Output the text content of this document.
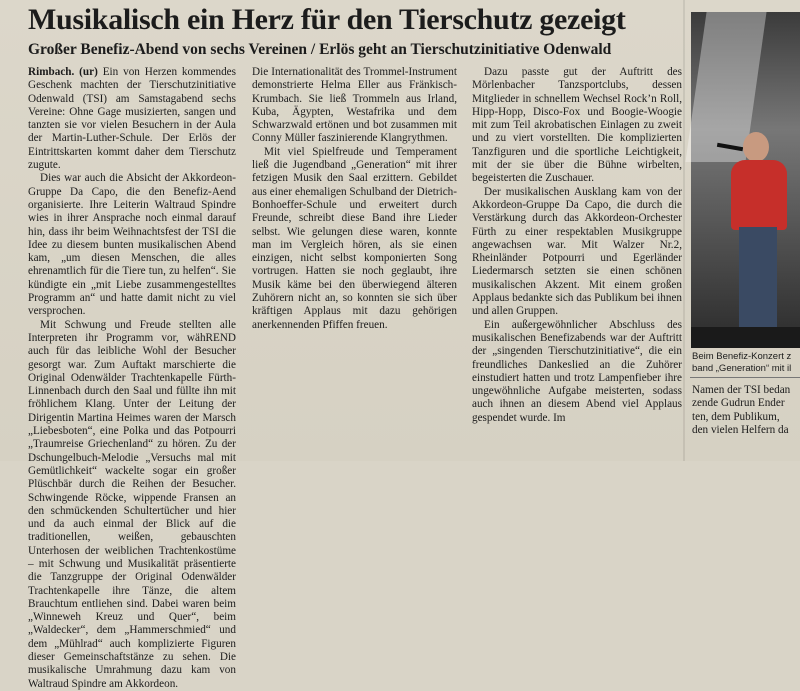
Musikalisch ein Herz für den Tierschutz gezeigt
Großer Benefiz-Abend von sechs Vereinen / Erlös geht an Tierschutzinitiative Odenwald

Rimbach. (ur) Ein von Herzen kommendes Geschenk machten der Tierschutzinitiative Odenwald (TSI) am Samstagabend sechs Vereine: Ohne Gage musizierten, sangen und tanzten sie vor vielen Besuchern in der Aula der Martin-Luther-Schule. Der Erlös der Eintrittskarten kommt daher dem Tierschutz zugute.

Dies war auch die Absicht der Akkordeon-Gruppe Da Capo, die den Benefiz-Aend organisierte. Ihre Leiterin Waltraud Spindre wies in ihrer Ansprache noch einmal darauf hin, dass ihr beim Weihnachtsfest der TSI die Idee zu diesem bunten musikalischen Abend kam, „um diesen Menschen, die alles ehrenamtlich für die Tiere tun, zu helfen“. Sie kündigte ein „mit Liebe zusammengestelltes Programm an“ und hatte damit nicht zu viel versprochen.

Mit Schwung und Freude stellten alle Interpreten ihr Programm vor, wähREND auch für das leibliche Wohl der Besucher gesorgt war. Zum Auftakt marschierte die Original Odenwälder Trachtenkapelle Fürth-Linnenbach durch den Saal und füllte ihn mit fröhlichem Klang. Unter der Leitung der Dirigentin Martina Heimes waren der Marsch „Liebesboten“, eine Polka und das Potpourri „Traumreise Griechenland“ zu hören. Zu der Dschungelbuch-Melodie „Versuchs mal mit Gemütlichkeit“ wackelte sogar ein großer Plüschbär durch die Reihen der Besucher. Schwingende Röcke, wippende Fransen an den schmückenden Schultertücher und hier und da auch einmal der Blick auf die traditionellen, weißen, gebauschten Unterhosen der weiblichen Trachtenkostüme – mit Schwung und Musikalität präsentierte die Tanzgruppe der Original Odenwälder Trachtenkapelle ihre Tänze, die altem Brauchtum entliehen sind. Dabei waren beim „Winneweh Kreuz und Quer“, beim „Waldecker“, dem „Hammerschmied“ und dem „Mühlrad“ auch komplizierte Figuren dieser Gemeinschaftstänze zu sehen. Die musikalische Umrahmung dazu kam von Waltraud Spindre am Akkordeon.

Die Internationalität des Trommel-Instrument demonstrierte Helma Eller aus Fränkisch-Krumbach. Sie ließ Trommeln aus Irland, Kuba, Ägypten, Westafrika und dem Schwarzwald ertönen und bot zusammen mit Conny Müller faszinierende Klangrythmen.

Mit viel Spielfreude und Temperament ließ die Jugendband „Generation“ mit ihrer fetzigen Musik den Saal erzittern. Gebildet aus einer ehemaligen Schulband der Dietrich-Bonhoeffer-Schule und erweitert durch Freunde, schreibt diese Band ihre Lieder selbst. Wie gelungen diese waren, konnte man im Vergleich hören, als sie einen einzigen, nicht selbst komponierten Song vortrugen. Hatten sie noch geglaubt, ihre Musik käme bei den überwiegend älteren Zuhörern nicht an, so konnten sie sich über kräftigen Applaus mit dazu gehörigen anerkennenden Pfiffen freuen.

Dazu passte gut der Auftritt des Mörlenbacher Tanzsportclubs, dessen Mitglieder in schnellem Wechsel Rock’n Roll, Hipp-Hopp, Disco-Fox und Boogie-Woogie mit zum Teil akrobatischen Einlagen zu zweit und zu viert vorstellten. Die komplizierten Tanzfiguren und die sportliche Leichtigkeit, mit der sie über die Bühne wirbelten, begeisterten die Zuschauer.

Der musikalischen Ausklang kam von der Akkordeon-Gruppe Da Capo, die durch die Verstärkung durch das Akkordeon-Orchester Fürth zu einer respektablen Musikgruppe angewachsen war. Mit Walzer Nr.2, Rheinländer Potpourri und Egerländer Liedermarsch setzten sie einen schönen musikalischen Akzent. Mit einem großen Applaus bedankte sich das Publikum bei ihnen und allen Gruppen.

Ein außergewöhnlicher Abschluss des musikalischen Benefizabends war der Auftritt der „singenden Tierschutzinitiative“, die ein freundliches Dankeslied an die Zuhörer einstudiert hatten und trotz Lampenfieber ihre ungewöhnliche Aufgabe meisterten, sodass auch ihnen an diesem Abend viel Applaus gespendet wurde. Im

Beim Benefiz-Konzert z
band „Generation“ mit il
Namen der TSI bedan
zende Gudrun Ender
ten, dem Publikum,
den vielen Helfern da
